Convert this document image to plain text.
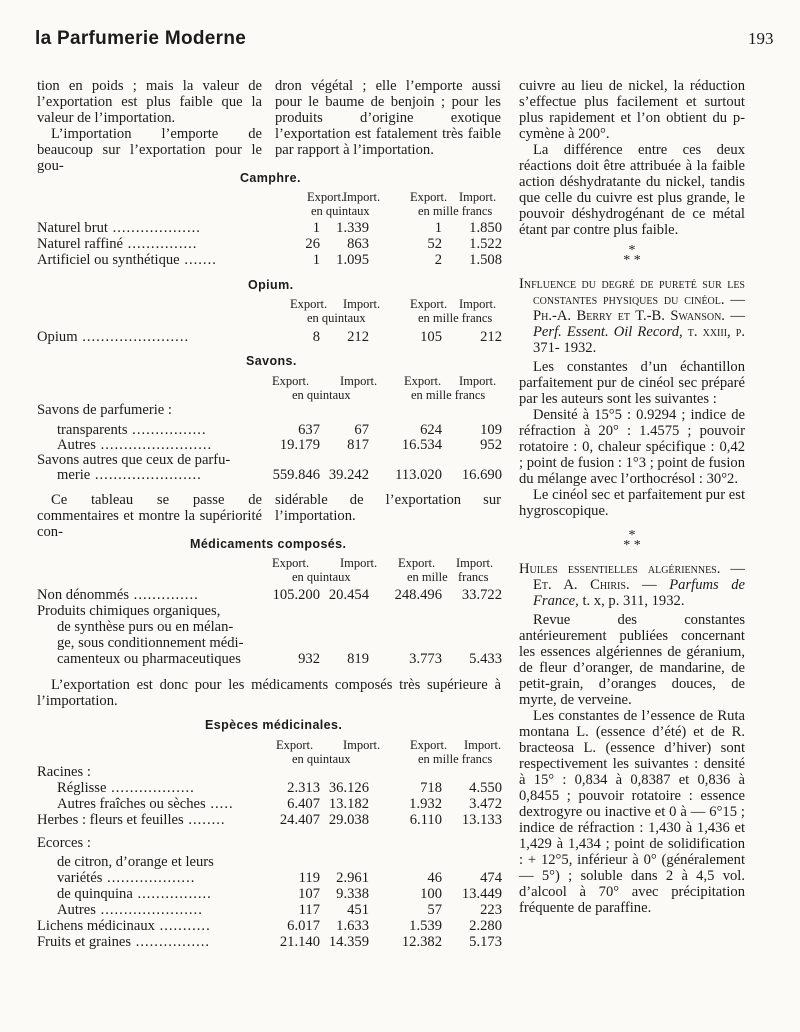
la Parfumerie Moderne	193

tion en poids ; mais la valeur de l’exportation est plus faible que la valeur de l’importation.
L’importation l’emporte de beaucoup sur l’exportation pour le gou-

dron végétal ; elle l’emporte aussi pour le baume de benjoin ; pour les produits d’origine exotique l’exportation est fatalement très faible par rapport à l’importation.

Camphre.
Export.
Import. Export. Import.
en quintaux	en mille francs
Naturel brut ...................	1 1.339	1 1.850
Naturel raffiné ...............	26 863	52 1.522
Artificiel ou synthétique .......	1 1.095	2 1.508
Opium.
Export. Import. Export. Import.
en quintaux	en mille francs
Opium .......................	8 212	105	212
Savons.
Export. Import. Export. Import.
en quintaux	en mille francs
Savons de parfumerie :
transparents ................	637 67	624	109
Autres ........................	19.179 817 16.534	952
Savons autres que ceux de parfu-
merie .......................	559.846 39.242 113.020 16.690

Ce tableau se passe de commentaires et montre la supériorité con-

sidérable de l’exportation sur l’importation.

Médicaments composés.
Export. Import. Export. Import.
en quintaux	en mille francs
Non dénommés ..............	105.200 20.454 248.496 33.722
Produits chimiques organiques,
de synthèse purs ou en mélan-
ge, sous conditionnement médi-
camenteux ou pharmaceutiques	932 819	3.773 5.433

L’exportation est donc pour les médicaments composés très supérieure à l’importation.

Espèces médicinales.
Export. Import. Export. Import.
en quintaux	en mille francs
Racines :
Réglisse ..................	2.313 36.126	718 4.550
Autres fraîches ou sèches .....	6.407 13.182	1.932 3.472
Herbes : fleurs et feuilles ........	24.407 29.038	6.110 13.133
Ecorces :
de citron, d’orange et leurs
variétés ...................	119 2.961	46	474
de quinquina ................	107 9.338	100 13.449
Autres ......................	117 451	57	223
Lichens médicinaux ...........	6.017 1.633	1.539 2.280
Fruits et graines ................	21.140 14.359 12.382 5.173

cuivre au lieu de nickel, la réduction s’effectue plus facilement et surtout plus rapidement et l’on obtient du p-cymène à 200°.

La différence entre ces deux réactions doit être attribuée à la faible action déshydratante du nickel, tandis que celle du cuivre est plus grande, le pouvoir déshydrogénant de ce métal étant par contre plus faible.

*
* *

Influence du degré de pureté sur les constantes physiques du cinéol. — Ph.-A. Berry et T.-B. Swanson. — Perf. Essent. Oil Record, t. xxiii, p. 371- 1932.

Les constantes d’un échantillon parfaitement pur de cinéol sec préparé par les auteurs sont les suivantes :

Densité à 15°5 : 0.9294 ; indice de réfraction à 20° : 1.4575 ; pouvoir rotatoire : 0, chaleur spécifique : 0,42 ; point de fusion : 1°3 ; point de fusion du mélange avec l’orthocrésol : 30°2.

Le cinéol sec et parfaitement pur est hygroscopique.

*
* *

Huiles essentielles algériennes. — Et. A. Chiris. — Parfums de France, t. x, p. 311, 1932.

Revue des constantes antérieurement publiées concernant les essences algériennes de géranium, de fleur d’oranger, de mandarine, de petit-grain, d’oranges douces, de myrte, de verveine.

Les constantes de l’essence de Ruta montana L. (essence d’été) et de R. bracteosa L. (essence d’hiver) sont respectivement les suivantes : densité à 15° : 0,834 à 0,8387 et 0,836 à 0,8455 ; pouvoir rotatoire : essence dextrogyre ou inactive et 0 à — 6°15 ; indice de réfraction : 1,430 à 1,436 et 1,429 à 1,434 ; point de solidification : + 12°5, inférieur à 0° (généralement — 5°) ; soluble dans 2 à 4,5 vol. d’alcool à 70° avec précipitation fréquente de paraffine.
